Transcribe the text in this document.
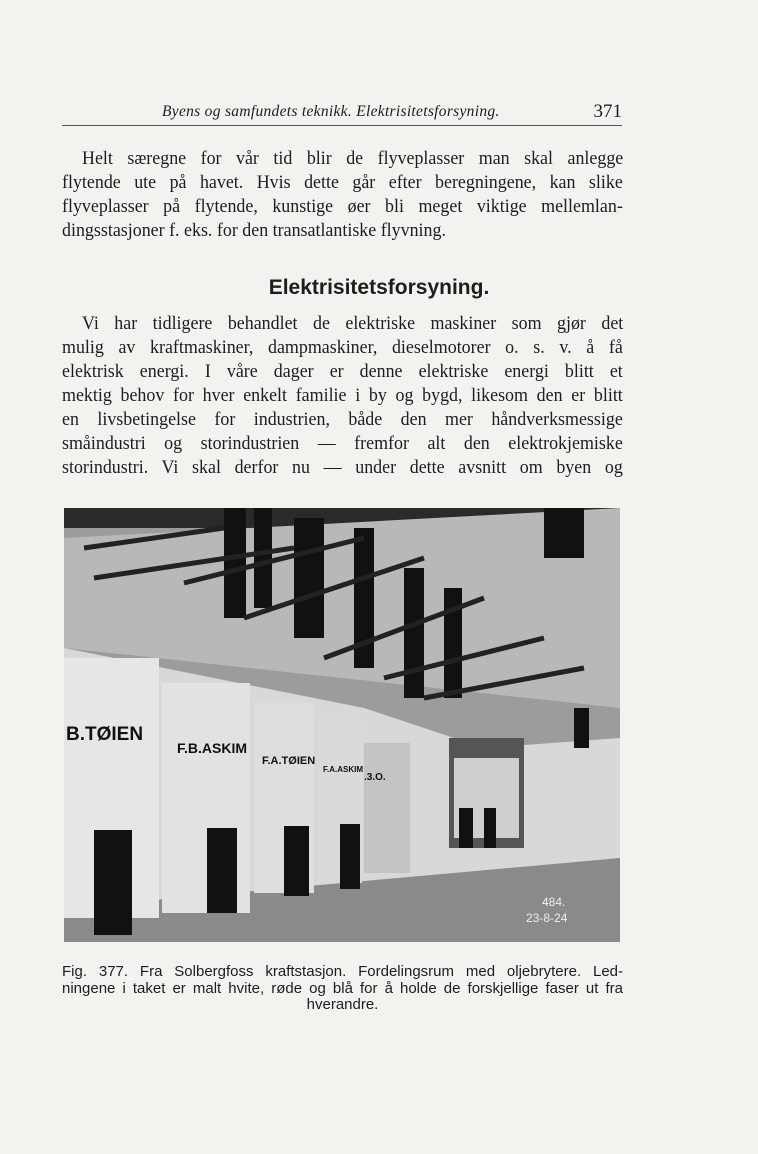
Byens og samfundets teknikk. Elektrisitetsforsyning.	371
Helt særegne for vår tid blir de flyveplasser man skal anlegge
flytende ute på havet. Hvis dette går efter beregningene, kan slike
flyveplasser på flytende, kunstige øer bli meget viktige mellemlan-
dingsstasjoner f. eks. for den transatlantiske flyvning.
Elektrisitetsforsyning.
Vi har tidligere behandlet de elektriske maskiner som gjør det
mulig av kraftmaskiner, dampmaskiner, dieselmotorer o. s. v. å få
elektrisk energi. I våre dager er denne elektriske energi blitt et
mektig behov for hver enkelt familie i by og bygd, likesom den er blitt
en livsbetingelse for industrien, både den mer håndverksmessige
småindustri og storindustrien — fremfor alt den elektrokjemiske
storindustri. Vi skal derfor nu — under dette avsnitt om byen og
B.TØIEN
F.B.ASKIM
F.A.TØIEN
F.A.ASKIM
.3.O.
484.
23-8-24
Fig. 377. Fra Solbergfoss kraftstasjon. Fordelingsrum med oljebrytere. Led-
ningene i taket er malt hvite, røde og blå for å holde de forskjellige faser ut fra
hverandre.
